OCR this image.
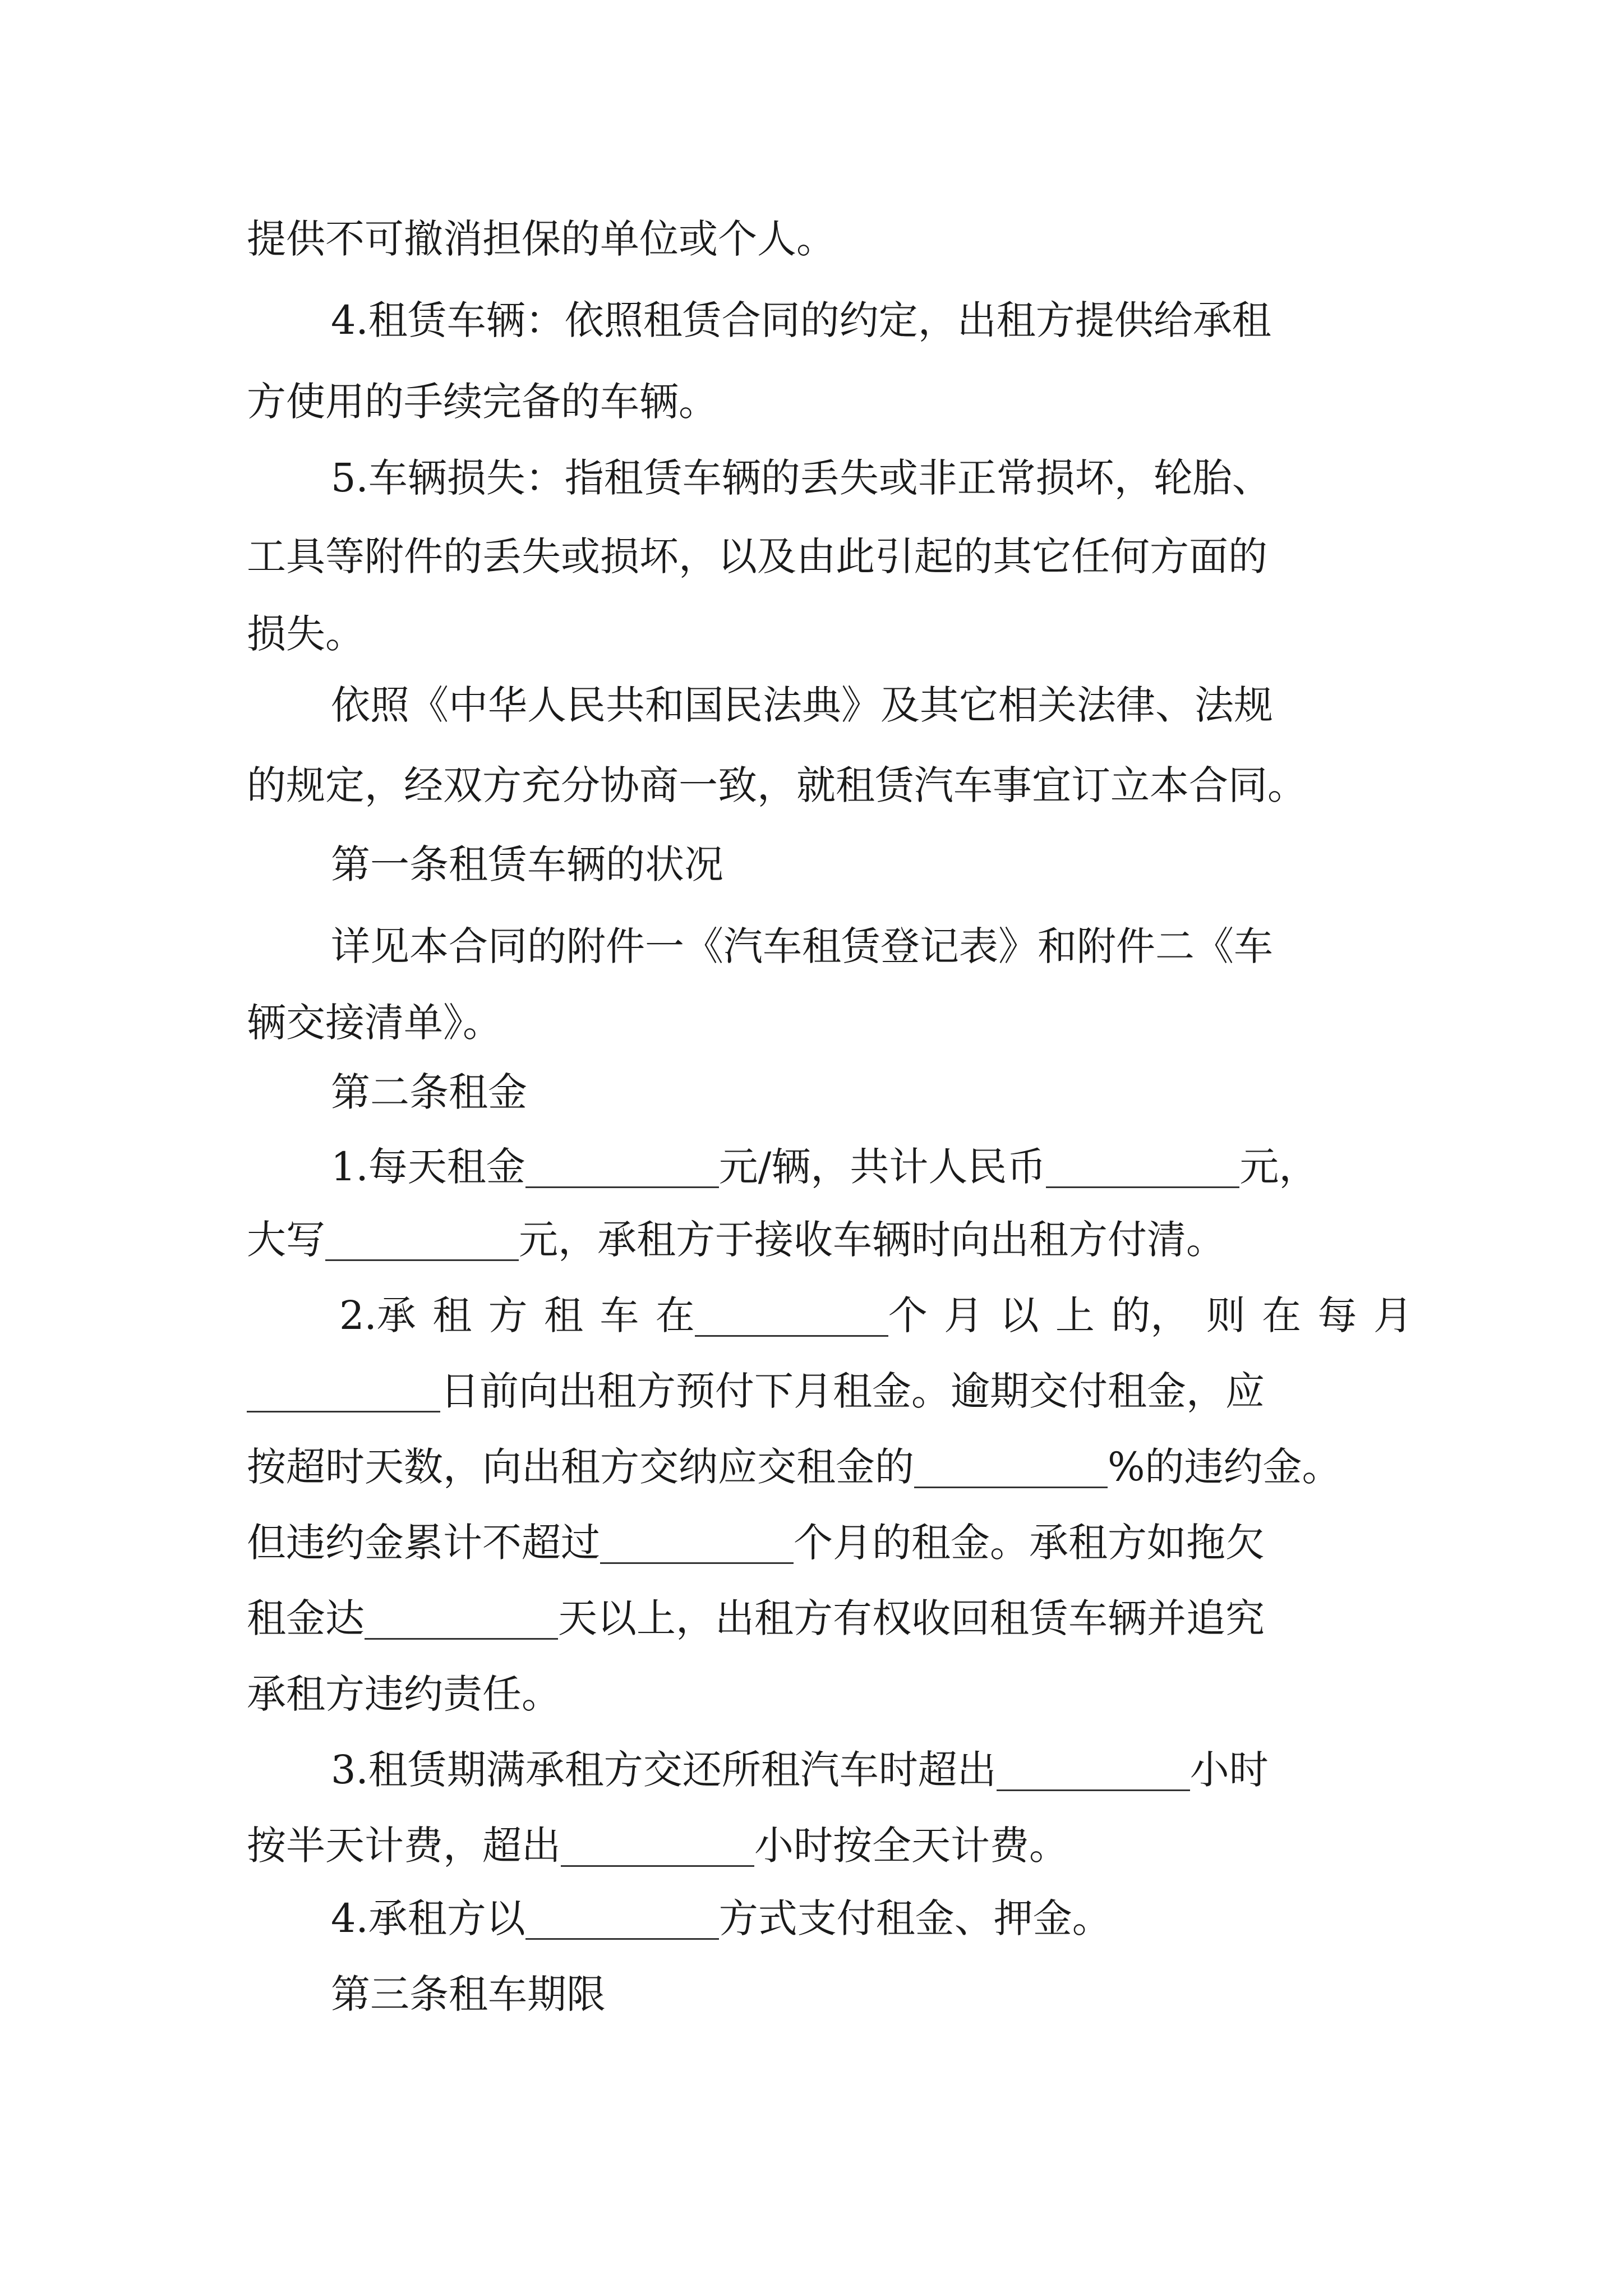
提供不可撤消担保的单位或个人。
4.租赁车辆：依照租赁合同的约定，出租方提供给承租
方使用的手续完备的车辆。
5.车辆损失：指租赁车辆的丢失或非正常损坏，轮胎、
工具等附件的丢失或损坏，以及由此引起的其它任何方面的
损失。
依照《中华人民共和国民法典》及其它相关法律、法规
的规定，经双方充分协商一致，就租赁汽车事宜订立本合同。
第一条租赁车辆的状况
详见本合同的附件一《汽车租赁登记表》和附件二《车
辆交接清单》。
第二条租金
1.每天租金	元/辆，共计人民币	元，
大写	元，承租方于接收车辆时向出租方付清。
2.承 租 方 租 车 在	个 月 以 上 的， 则 在 每 月
日前向出租方预付下月租金。逾期交付租金，应
按超时天数，向出租方交纳应交租金的	%的违约金。
但违约金累计不超过	个月的租金。承租方如拖欠
租金达	天以上，出租方有权收回租赁车辆并追究
承租方违约责任。
3.租赁期满承租方交还所租汽车时超出	小时
按半天计费，超出	小时按全天计费。
4.承租方以	方式支付租金、押金。
第三条租车期限
